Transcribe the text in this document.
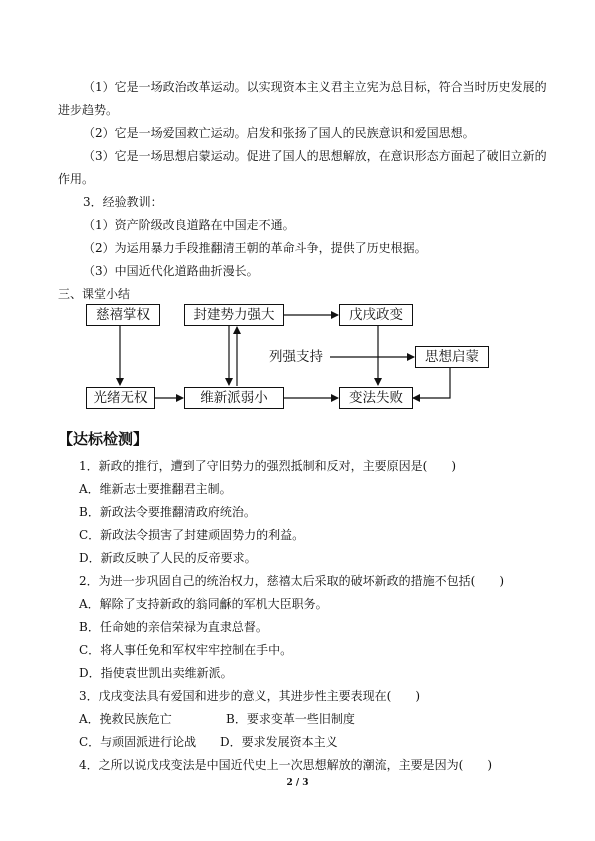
（1）它是一场政治改革运动。以实现资本主义君主立宪为总目标，符合当时历史发展的
进步趋势。
（2）它是一场爱国救亡运动。启发和张扬了国人的民族意识和爱国思想。
（3）它是一场思想启蒙运动。促进了国人的思想解放，在意识形态方面起了破旧立新的
作用。
3．经验教训：
（1）资产阶级改良道路在中国走不通。
（2）为运用暴力手段推翻清王朝的革命斗争，提供了历史根据。
（3）中国近代化道路曲折漫长。
三、课堂小结
慈禧掌权	封建势力强大	戊戌政变
列强支持	思想启蒙
光绪无权	维新派弱小	变法失败
【达标检测】
1．新政的推行，遭到了守旧势力的强烈抵制和反对，主要原因是(　　)
A．维新志士要推翻君主制。
B．新政法令要推翻清政府统治。
C．新政法令损害了封建顽固势力的利益。
D．新政反映了人民的反帝要求。
2．为进一步巩固自己的统治权力，慈禧太后采取的破坏新政的措施不包括(　　)
A．解除了支持新政的翁同龢的军机大臣职务。
B．任命她的亲信荣禄为直隶总督。
C．将人事任免和军权牢牢控制在手中。
D．指使袁世凯出卖维新派。
3．戊戌变法具有爱国和进步的意义，其进步性主要表现在(　　)
A．挽救民族危亡	B．要求变革一些旧制度
C．与顽固派进行论战 D．要求发展资本主义
4．之所以说戊戌变法是中国近代史上一次思想解放的潮流，主要是因为(　　)
2 / 3
